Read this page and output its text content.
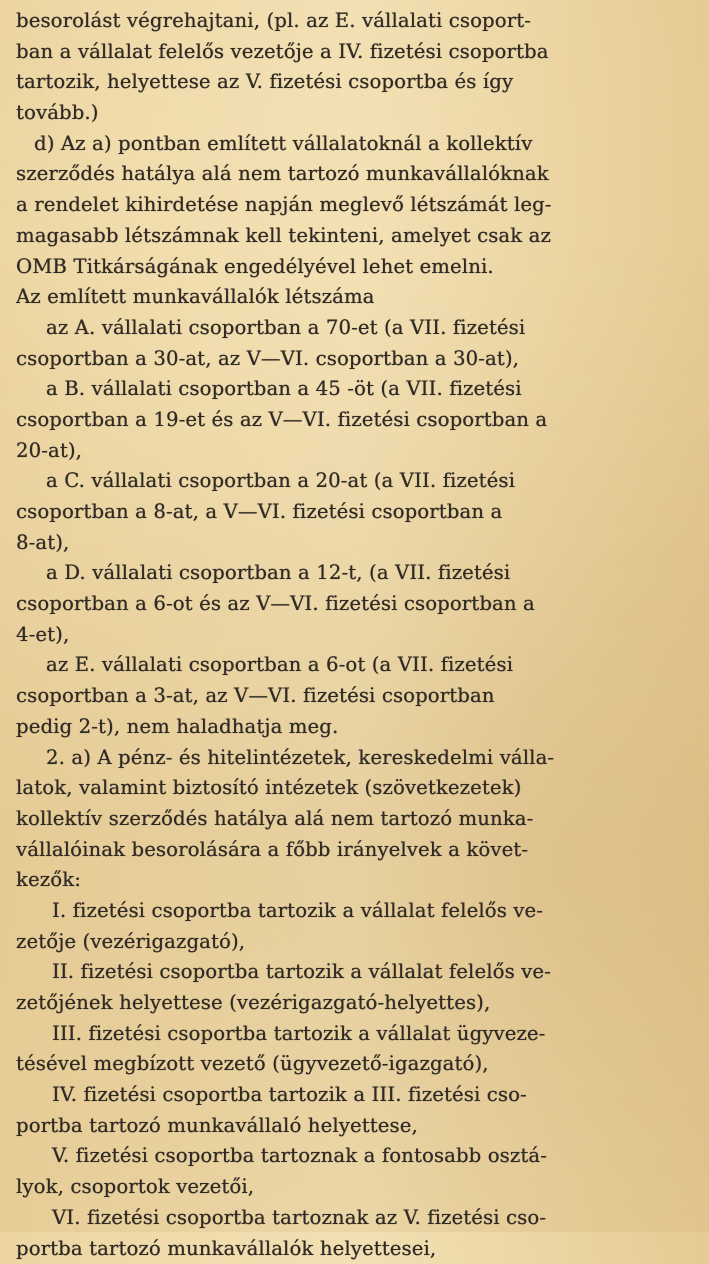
besorolást végrehajtani, (pl. az E. vállalati csoport-
ban a vállalat felelős vezetője a IV. fizetési csoportba
tartozik, helyettese az V. fizetési csoportba és így
tovább.)
d) Az a) pontban említett vállalatoknál a kollektív
szerződés hatálya alá nem tartozó munkavállalóknak
a rendelet kihirdetése napján meglevő létszámát leg-
magasabb létszámnak kell tekinteni, amelyet csak az
OMB Titkárságának engedélyével lehet emelni.
Az említett munkavállalók létszáma
az A. vállalati csoportban a 70-et (a VII. fizetési
csoportban a 30-at, az V—VI. csoportban a 30-at),
a B. vállalati csoportban a 45 -öt (a VII. fizetési
csoportban a 19-et és az V—VI. fizetési csoportban a
20-at),
a C. vállalati csoportban a 20-at (a VII. fizetési
csoportban a 8-at, a V—VI. fizetési csoportban a
8-at),
a D. vállalati csoportban a 12-t, (a VII. fizetési
csoportban a 6-ot és az V—VI. fizetési csoportban a
4-et),
az E. vállalati csoportban a 6-ot (a VII. fizetési
csoportban a 3-at, az V—VI. fizetési csoportban
pedig 2-t), nem haladhatja meg.
2. a) A pénz- és hitelintézetek, kereskedelmi válla-
latok, valamint biztosító intézetek (szövetkezetek)
kollektív szerződés hatálya alá nem tartozó munka-
vállalóinak besorolására a főbb irányelvek a követ-
kezők:
I. fizetési csoportba tartozik a vállalat felelős ve-
zetője (vezérigazgató),
II. fizetési csoportba tartozik a vállalat felelős ve-
zetőjének helyettese (vezérigazgató-helyettes),
III. fizetési csoportba tartozik a vállalat ügyveze-
tésével megbízott vezető (ügyvezető-igazgató),
IV. fizetési csoportba tartozik a III. fizetési cso-
portba tartozó munkavállaló helyettese,
V. fizetési csoportba tartoznak a fontosabb osztá-
lyok, csoportok vezetői,
VI. fizetési csoportba tartoznak az V. fizetési cso-
portba tartozó munkavállalók helyettesei,
